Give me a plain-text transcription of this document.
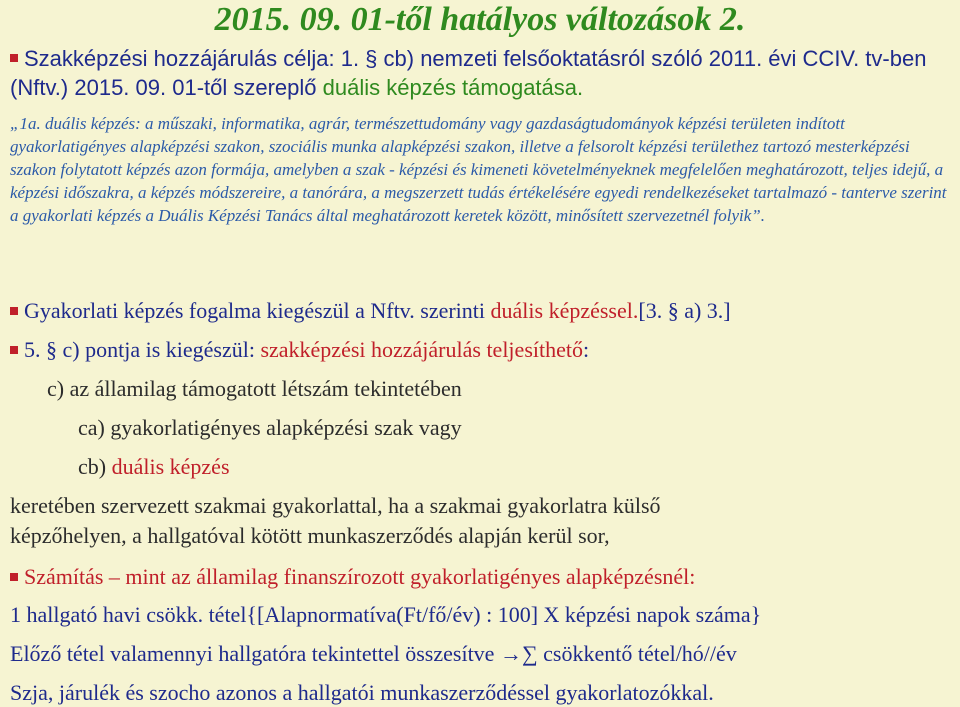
2015. 09. 01-től hatályos változások 2.
Szakképzési hozzájárulás célja: 1. § cb) nemzeti felsőoktatásról szóló 2011. évi CCIV. tv-ben (Nftv.) 2015. 09. 01-től szereplő duális képzés támogatása.
„1a. duális képzés: a műszaki, informatika, agrár, természettudomány vagy gazdaságtudományok képzési területen indított gyakorlatigényes alapképzési szakon, szociális munka alapképzési szakon, illetve a felsorolt képzési területhez tartozó mesterképzési szakon folytatott képzés azon formája, amelyben a szak - képzési és kimeneti követelményeknek megfelelően meghatározott, teljes idejű, a képzési időszakra, a képzés módszereire, a tanórára, a megszerzett tudás értékelésére egyedi rendelkezéseket tartalmazó - tanterve szerint a gyakorlati képzés a Duális Képzési Tanács által meghatározott keretek között, minősített szervezetnél folyik”.
Gyakorlati képzés fogalma kiegészül a Nftv. szerinti duális képzéssel.[3. § a) 3.]
5. § c) pontja is kiegészül: szakképzési hozzájárulás teljesíthető:
c) az államilag támogatott létszám tekintetében
ca) gyakorlatigényes alapképzési szak vagy
cb) duális képzés
keretében szervezett szakmai gyakorlattal, ha a szakmai gyakorlatra külső
képzőhelyen, a hallgatóval kötött munkaszerződés alapján kerül sor,
Számítás – mint az államilag finanszírozott gyakorlatigényes alapképzésnél:
1 hallgató havi csökk. tétel{[Alapnormatíva(Ft/fő/év) : 100] X képzési napok száma}
Előző tétel valamennyi hallgatóra tekintettel összesítve →∑ csökkentő tétel/hó//év
Szja, járulék és szocho azonos a hallgatói munkaszerződéssel gyakorlatozókkal.
